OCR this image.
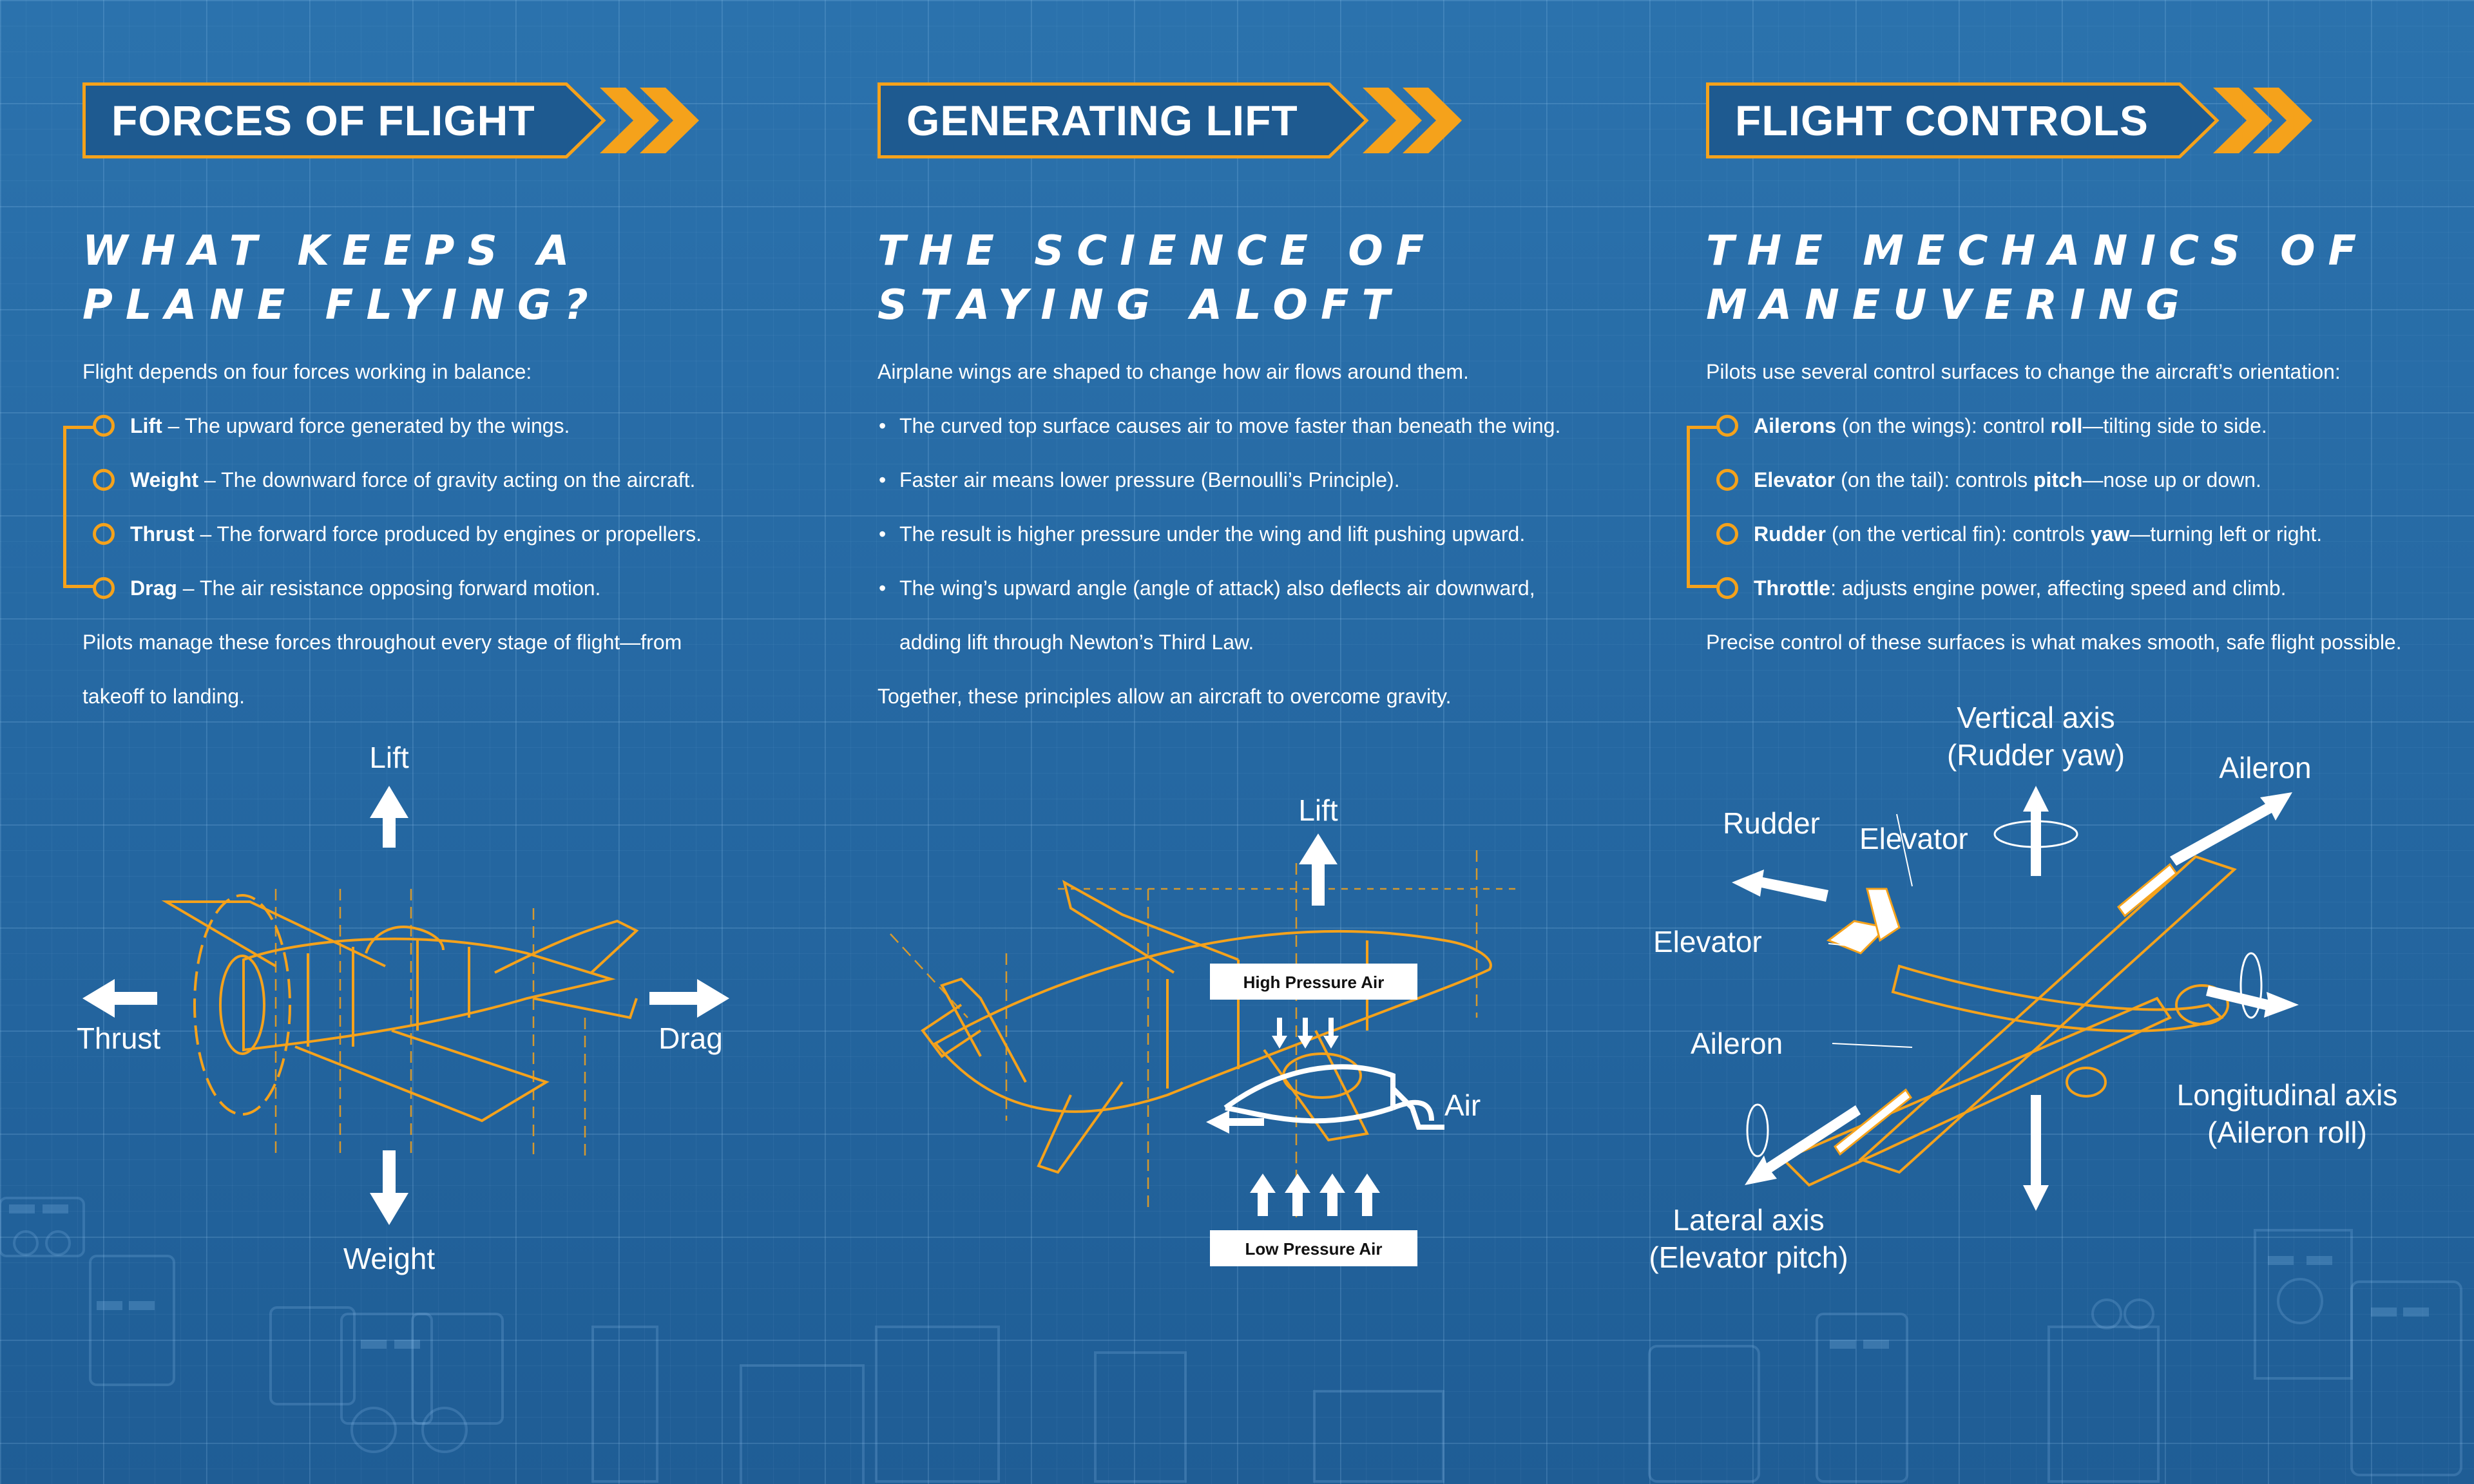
FORCES OF FLIGHT
WHAT KEEPS A
PLANE FLYING?

Flight depends on four forces working in balance:

Lift – The upward force generated by the wings.
Weight – The downward force of gravity acting on the aircraft.
Thrust – The forward force produced by engines or propellers.
Drag – The air resistance opposing forward motion.

Pilots manage these forces throughout every stage of flight—from

takeoff to landing.

Lift
Weight
Thrust	Drag
GENERATING LIFT
THE SCIENCE OF
STAYING ALOFT

Airplane wings are shaped to change how air flows around them.

• The curved top surface causes air to move faster than beneath the wing.
• Faster air means lower pressure (Bernoulli’s Principle).
• The result is higher pressure under the wing and lift pushing upward.
• The wing’s upward angle (angle of attack) also deflects air downward,
adding lift through Newton’s Third Law.

Together, these principles allow an aircraft to overcome gravity.

Lift
High Pressure Air
Air
Low Pressure Air
FLIGHT CONTROLS
THE MECHANICS OF
MANEUVERING

Pilots use several control surfaces to change the aircraft’s orientation:

Ailerons (on the wings): control roll—tilting side to side.
Elevator (on the tail): controls pitch—nose up or down.
Rudder (on the vertical fin): controls yaw—turning left or right.
Throttle: adjusts engine power, affecting speed and climb.

Precise control of these surfaces is what makes smooth, safe flight possible.

Vertical axis
(Rudder yaw)	Aileron
Rudder Elevator
Elevator
Aileron
Longitudinal axis
(Aileron roll)
Lateral axis
(Elevator pitch)
